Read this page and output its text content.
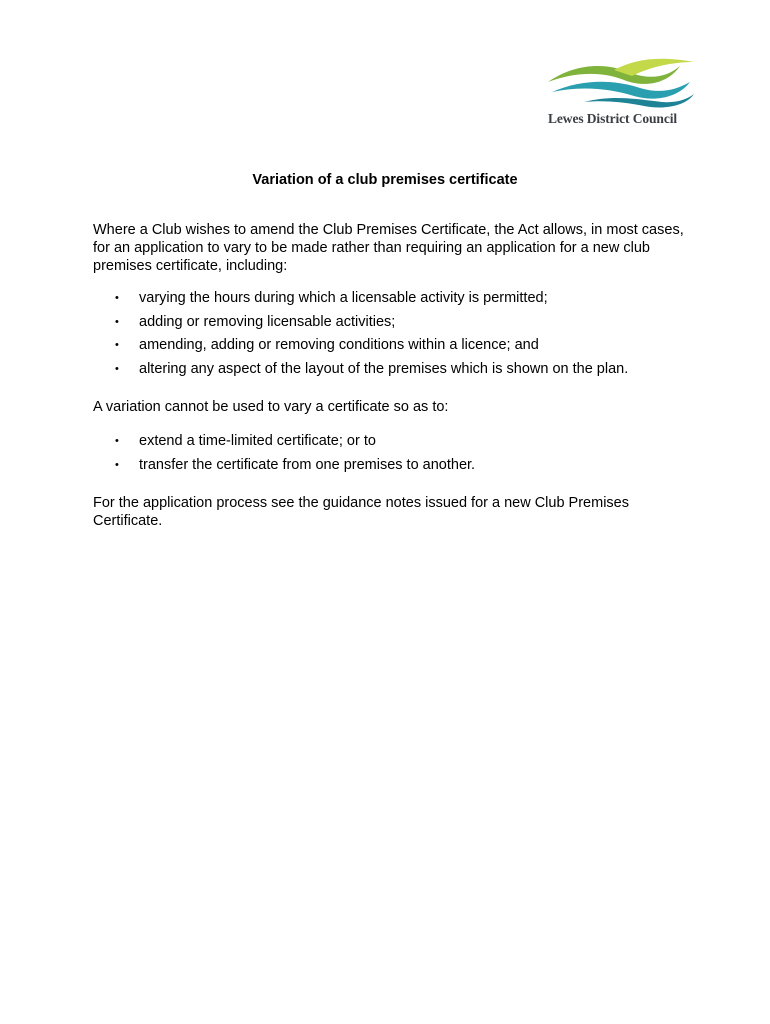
Lewes District Council
Variation of a club premises certificate
Where a Club wishes to amend the Club Premises Certificate, the Act allows, in most cases, for an application to vary to be made rather than requiring an application for a new club premises certificate, including:
• varying the hours during which a licensable activity is permitted;
• adding or removing licensable activities;
• amending, adding or removing conditions within a licence; and
• altering any aspect of the layout of the premises which is shown on the plan.
A variation cannot be used to vary a certificate so as to:
• extend a time-limited certificate; or to
• transfer the certificate from one premises to another.
For the application process see the guidance notes issued for a new Club Premises Certificate.
